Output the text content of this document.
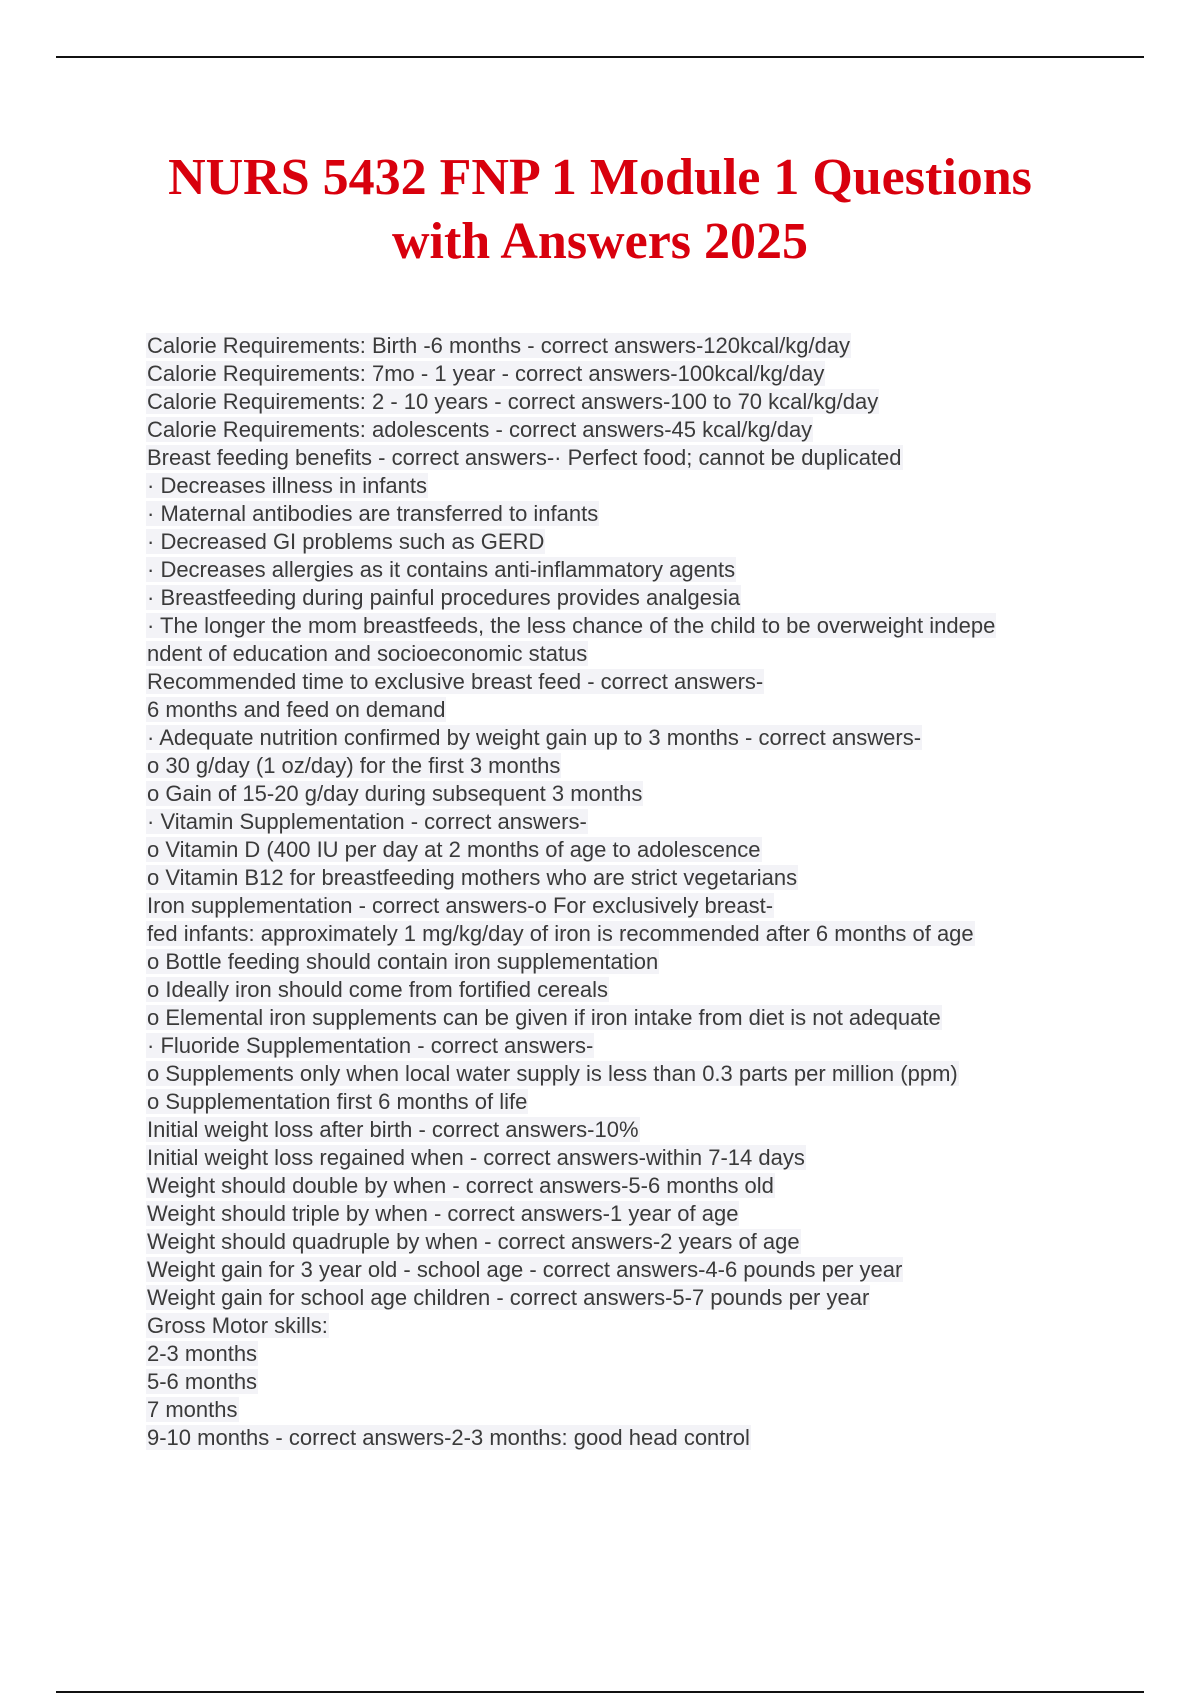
NURS 5432 FNP 1 Module 1 Questions
with Answers 2025
Calorie Requirements: Birth -6 months - correct answers-120kcal/kg/day
Calorie Requirements: 7mo - 1 year - correct answers-100kcal/kg/day
Calorie Requirements: 2 - 10 years - correct answers-100 to 70 kcal/kg/day
Calorie Requirements: adolescents - correct answers-45 kcal/kg/day
Breast feeding benefits - correct answers-· Perfect food; cannot be duplicated
· Decreases illness in infants
· Maternal antibodies are transferred to infants
· Decreased GI problems such as GERD
· Decreases allergies as it contains anti-inflammatory agents
· Breastfeeding during painful procedures provides analgesia
· The longer the mom breastfeeds, the less chance of the child to be overweight indepe
ndent of education and socioeconomic status
Recommended time to exclusive breast feed - correct answers-
6 months and feed on demand
· Adequate nutrition confirmed by weight gain up to 3 months - correct answers-
o 30 g/day (1 oz/day) for the first 3 months
o Gain of 15-20 g/day during subsequent 3 months
· Vitamin Supplementation - correct answers-
o Vitamin D (400 IU per day at 2 months of age to adolescence
o Vitamin B12 for breastfeeding mothers who are strict vegetarians
Iron supplementation - correct answers-o For exclusively breast-
fed infants: approximately 1 mg/kg/day of iron is recommended after 6 months of age
o Bottle feeding should contain iron supplementation
o Ideally iron should come from fortified cereals
o Elemental iron supplements can be given if iron intake from diet is not adequate
· Fluoride Supplementation - correct answers-
o Supplements only when local water supply is less than 0.3 parts per million (ppm)
o Supplementation first 6 months of life
Initial weight loss after birth - correct answers-10%
Initial weight loss regained when - correct answers-within 7-14 days
Weight should double by when - correct answers-5-6 months old
Weight should triple by when - correct answers-1 year of age
Weight should quadruple by when - correct answers-2 years of age
Weight gain for 3 year old - school age - correct answers-4-6 pounds per year
Weight gain for school age children - correct answers-5-7 pounds per year
Gross Motor skills:
2-3 months
5-6 months
7 months
9-10 months - correct answers-2-3 months: good head control
